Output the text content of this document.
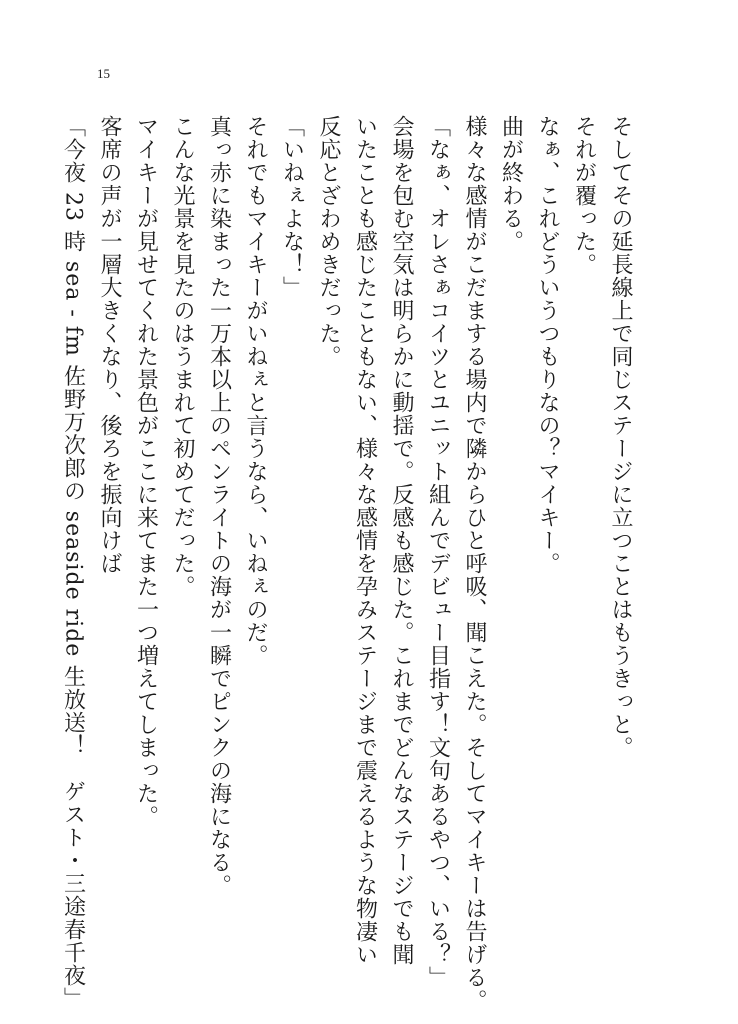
15
そしてその延長線上で同じステージに立つことはもうきっと。
それが覆った。
なぁ、これどういうつもりなの？マイキー。
曲が終わる。
様々な感情がこだまする場内で隣からひと呼吸、聞こえた。そしてマイキーは告げる。
「なぁ、オレさぁコイツとユニット組んでデビュー目指す！文句あるやつ、いる？」
会場を包む空気は明らかに動揺で。反感も感じた。これまでどんなステージでも聞いたことも感じたこともない、様々な感情を孕みステージまで震えるような物凄い反応とざわめきだった。
「いねぇよな！」
それでもマイキーがいねぇと言うなら、いねぇのだ。
真っ赤に染まった一万本以上のペンライトの海が一瞬でピンクの海になる。
こんな光景を見たのはうまれて初めてだった。
マイキーが見せてくれた景色がここに来てまた一つ増えてしまった。
客席の声が一層大きくなり、後ろを振向けば
「今夜 23 時 sea - fm 佐野万次郎の seaside ride 生放送！　ゲスト・三途春千夜」
